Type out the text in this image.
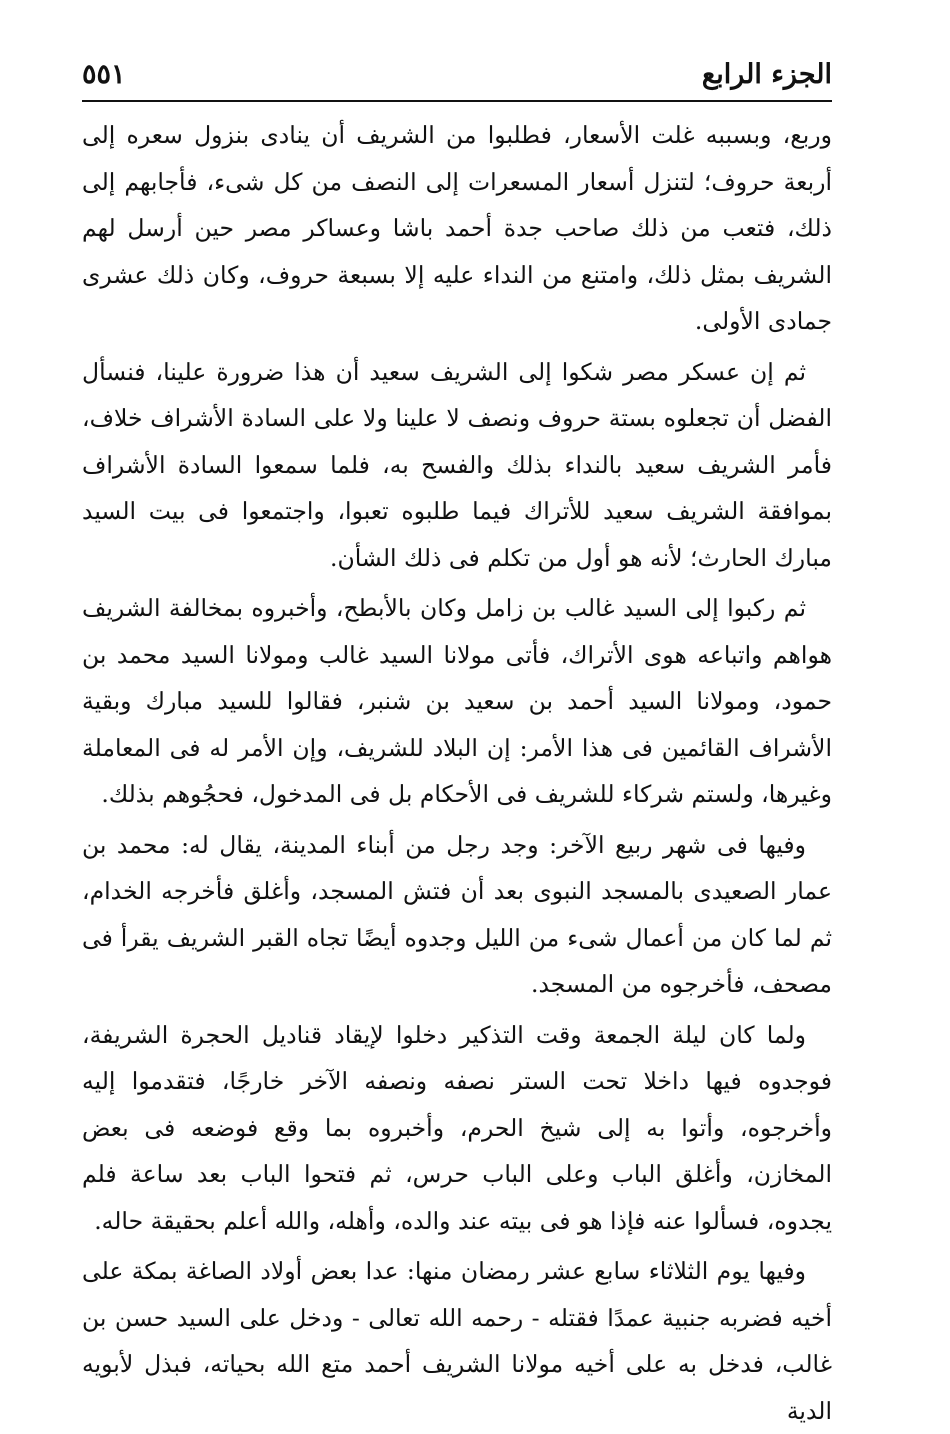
الجزء الرابع
٥٥١

وربع، وبسببه غلت الأسعار، فطلبوا من الشريف أن ينادى بنزول سعره إلى أربعة حروف؛ لتنزل أسعار المسعرات إلى النصف من كل شىء، فأجابهم إلى ذلك، فتعب من ذلك صاحب جدة أحمد باشا وعساكر مصر حين أرسل لهم الشريف بمثل ذلك، وامتنع من النداء عليه إلا بسبعة حروف، وكان ذلك عشرى جمادى الأولى.

ثم إن عسكر مصر شكوا إلى الشريف سعيد أن هذا ضرورة علينا، فنسأل الفضل أن تجعلوه بستة حروف ونصف لا علينا ولا على السادة الأشراف خلاف، فأمر الشريف سعيد بالنداء بذلك والفسح به، فلما سمعوا السادة الأشراف بموافقة الشريف سعيد للأتراك فيما طلبوه تعبوا، واجتمعوا فى بيت السيد مبارك الحارث؛ لأنه هو أول من تكلم فى ذلك الشأن.

ثم ركبوا إلى السيد غالب بن زامل وكان بالأبطح، وأخبروه بمخالفة الشريف هواهم واتباعه هوى الأتراك، فأتى مولانا السيد غالب ومولانا السيد محمد بن حمود، ومولانا السيد أحمد بن سعيد بن شنبر، فقالوا للسيد مبارك وبقية الأشراف القائمين فى هذا الأمر: إن البلاد للشريف، وإن الأمر له فى المعاملة وغيرها، ولستم شركاء للشريف فى الأحكام بل فى المدخول، فحجُوهم بذلك.

وفيها فى شهر ربيع الآخر: وجد رجل من أبناء المدينة، يقال له: محمد بن عمار الصعيدى بالمسجد النبوى بعد أن فتش المسجد، وأغلق فأخرجه الخدام، ثم لما كان من أعمال شىء من الليل وجدوه أيضًا تجاه القبر الشريف يقرأ فى مصحف، فأخرجوه من المسجد.

ولما كان ليلة الجمعة وقت التذكير دخلوا لإيقاد قناديل الحجرة الشريفة، فوجدوه فيها داخلا تحت الستر نصفه ونصفه الآخر خارجًا، فتقدموا إليه وأخرجوه، وأتوا به إلى شيخ الحرم، وأخبروه بما وقع فوضعه فى بعض المخازن، وأغلق الباب وعلى الباب حرس، ثم فتحوا الباب بعد ساعة فلم يجدوه، فسألوا عنه فإذا هو فى بيته عند والده، وأهله، والله أعلم بحقيقة حاله.

وفيها يوم الثلاثاء سابع عشر رمضان منها: عدا بعض أولاد الصاغة بمكة على أخيه فضربه جنبية عمدًا فقتله - رحمه الله تعالى - ودخل على السيد حسن بن غالب، فدخل به على أخيه مولانا الشريف أحمد متع الله بحياته، فبذل لأبويه الدية
